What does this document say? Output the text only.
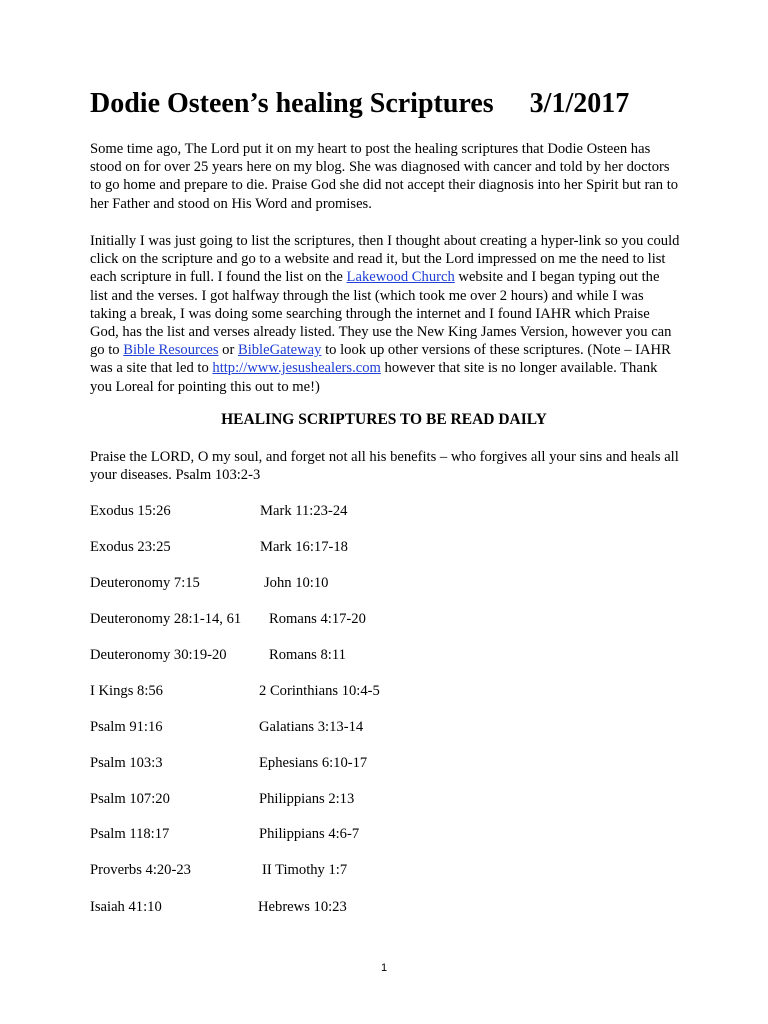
Dodie Osteen’s healing Scriptures 3/1/2017

Some time ago, The Lord put it on my heart to post the healing scriptures that Dodie Osteen has stood on for over 25 years here on my blog. She was diagnosed with cancer and told by her doctors to go home and prepare to die. Praise God she did not accept their diagnosis into her Spirit but ran to her Father and stood on His Word and promises.

Initially I was just going to list the scriptures, then I thought about creating a hyper-link so you could click on the scripture and go to a website and read it, but the Lord impressed on me the need to list each scripture in full. I found the list on the Lakewood Church website and I began typing out the list and the verses. I got halfway through the list (which took me over 2 hours) and while I was taking a break, I was doing some searching through the internet and I found IAHR which Praise God, has the list and verses already listed. They use the New King James Version, however you can go to Bible Resources or BibleGateway to look up other versions of these scriptures. (Note – IAHR was a site that led to http://www.jesushealers.com however that site is no longer available. Thank you Loreal for pointing this out to me!)

HEALING SCRIPTURES TO BE READ DAILY

Praise the LORD, O my soul, and forget not all his benefits – who forgives all your sins and heals all your diseases. Psalm 103:2-3

Exodus 15:26	Mark 11:23-24
Exodus 23:25	Mark 16:17-18
Deuteronomy 7:15	John 10:10
Deuteronomy 28:1-14, 61 Romans 4:17-20
Deuteronomy 30:19-20	Romans 8:11
I Kings 8:56	2 Corinthians 10:4-5
Psalm 91:16	Galatians 3:13-14
Psalm 103:3	Ephesians 6:10-17
Psalm 107:20	Philippians 2:13
Psalm 118:17	Philippians 4:6-7
Proverbs 4:20-23	II Timothy 1:7
Isaiah 41:10	Hebrews 10:23
1
